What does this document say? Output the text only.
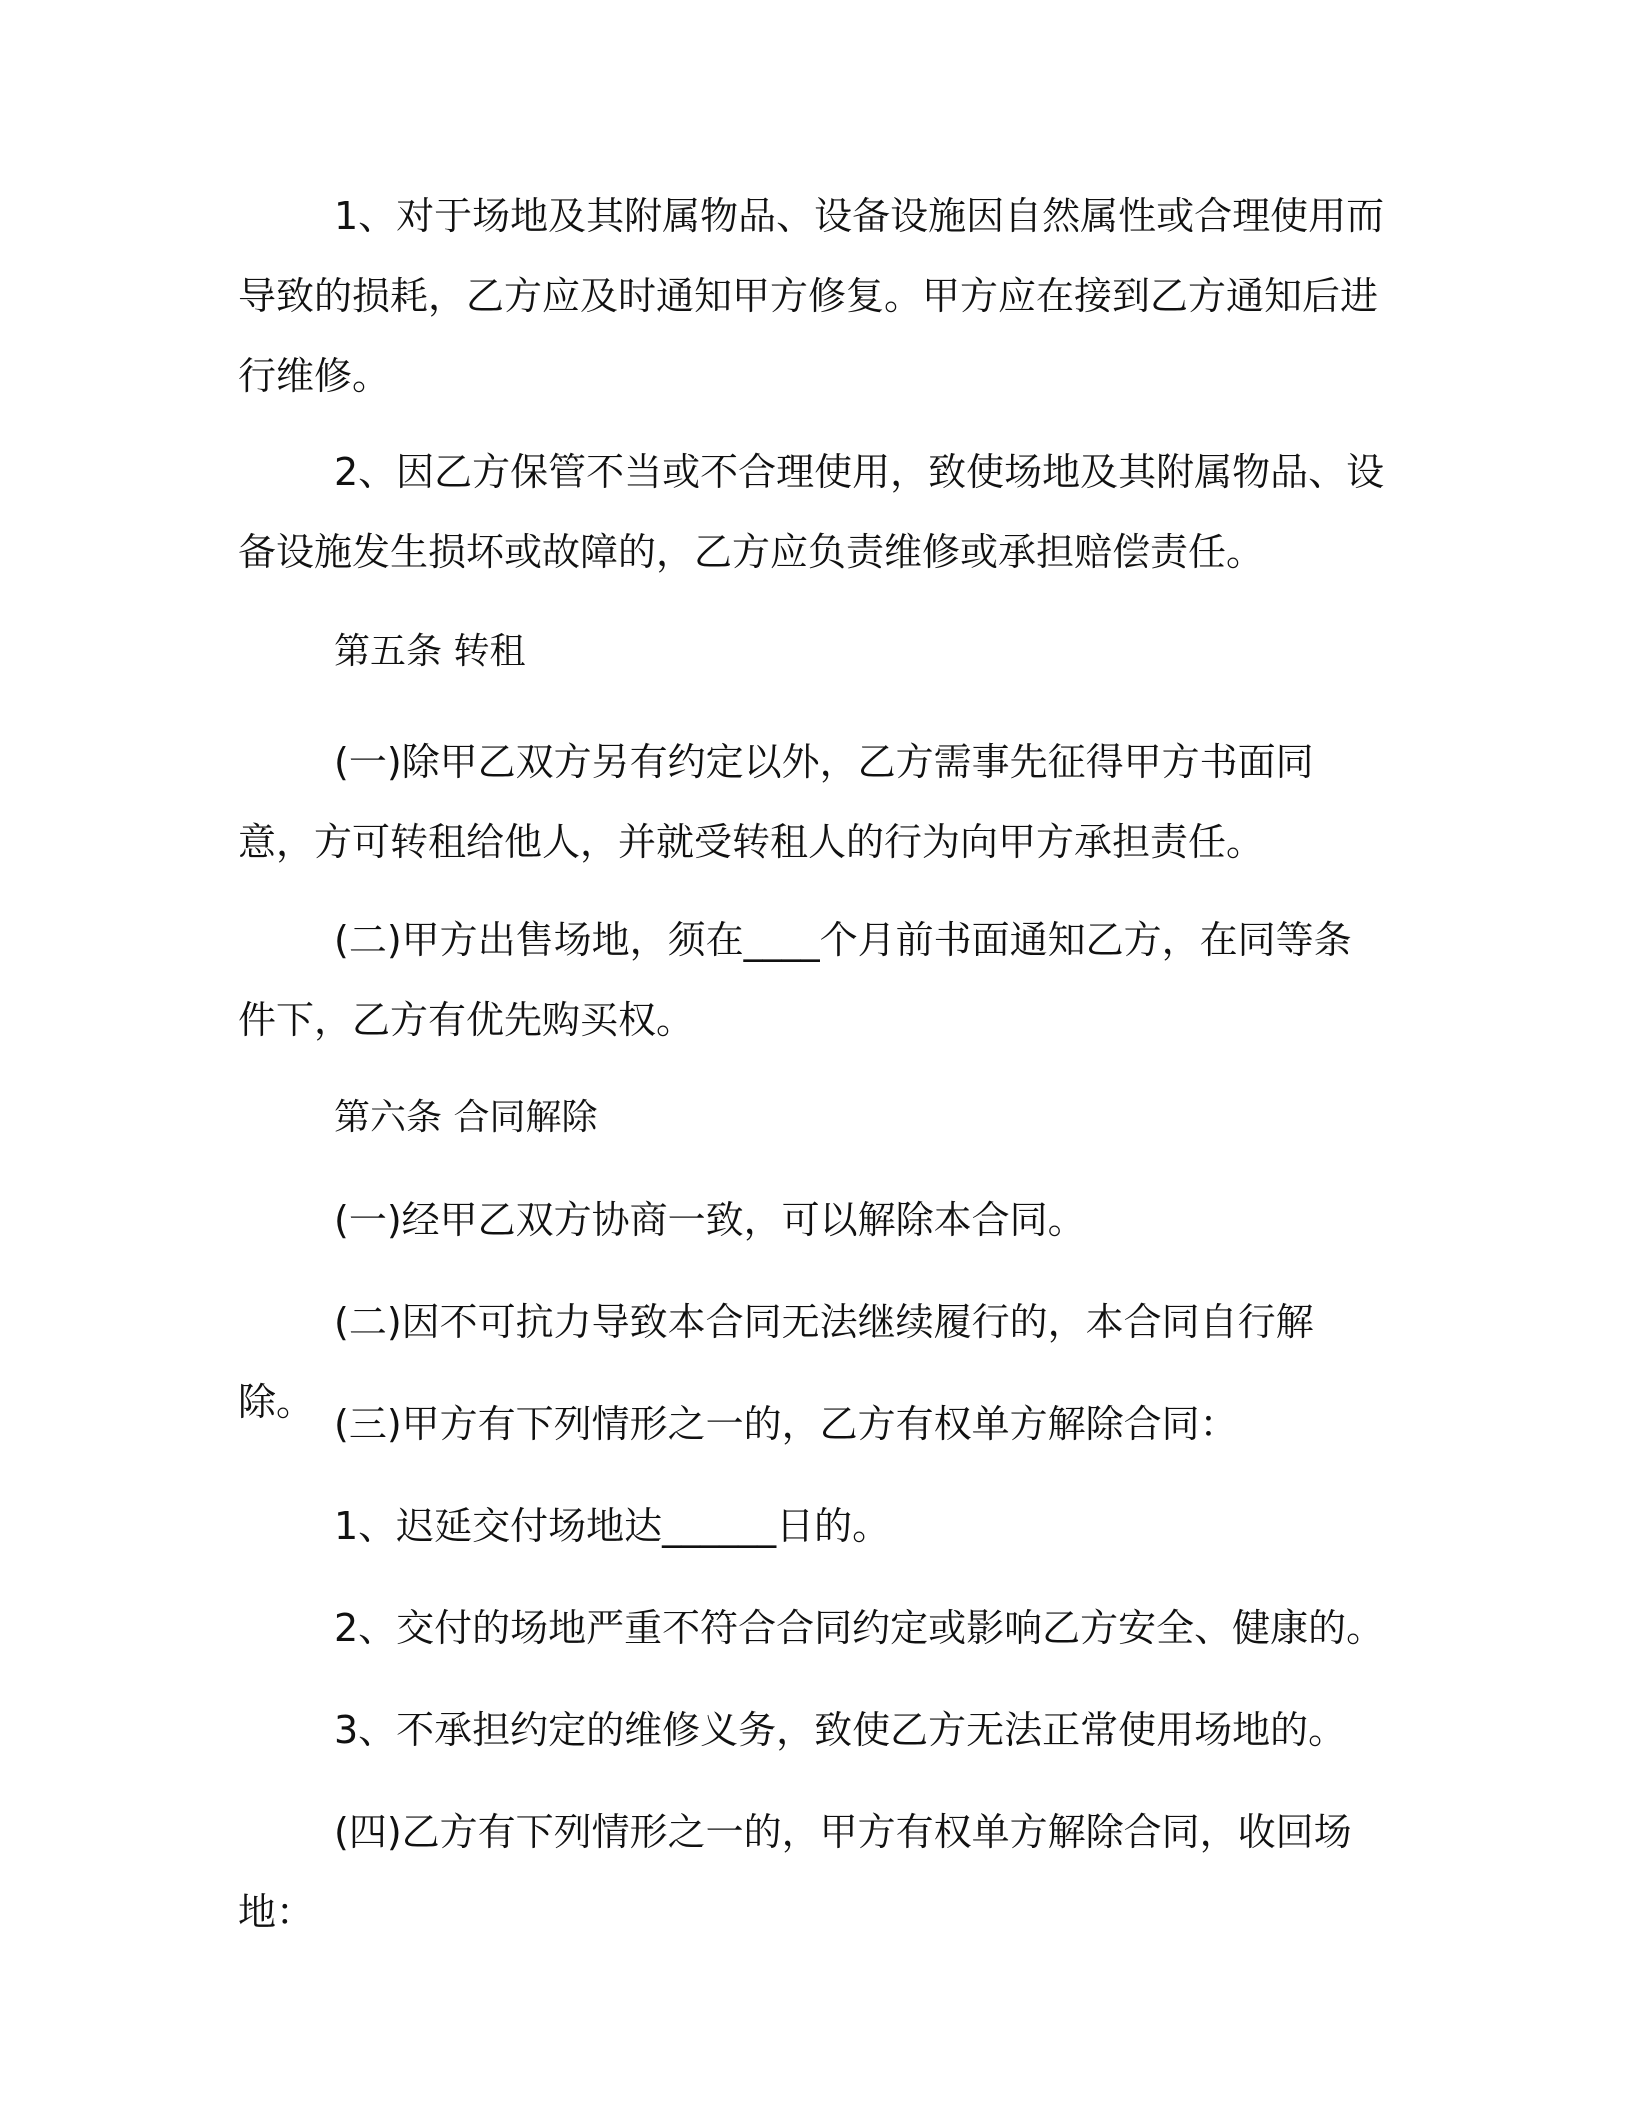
1、对于场地及其附属物品、设备设施因自然属性或合理使用而导致的损耗，乙方应及时通知甲方修复。甲方应在接到乙方通知后进行维修。

2、因乙方保管不当或不合理使用，致使场地及其附属物品、设备设施发生损坏或故障的，乙方应负责维修或承担赔偿责任。

第五条 转租

(一)除甲乙双方另有约定以外，乙方需事先征得甲方书面同意，方可转租给他人，并就受转租人的行为向甲方承担责任。

(二)甲方出售场地，须在____个月前书面通知乙方，在同等条件下，乙方有优先购买权。

第六条 合同解除

(一)经甲乙双方协商一致，可以解除本合同。

(二)因不可抗力导致本合同无法继续履行的，本合同自行解除。 (三)甲方有下列情形之一的，乙方有权单方解除合同：

1、迟延交付场地达______日的。

2、交付的场地严重不符合合同约定或影响乙方安全、健康的。

3、不承担约定的维修义务，致使乙方无法正常使用场地的。

(四)乙方有下列情形之一的，甲方有权单方解除合同，收回场地：
